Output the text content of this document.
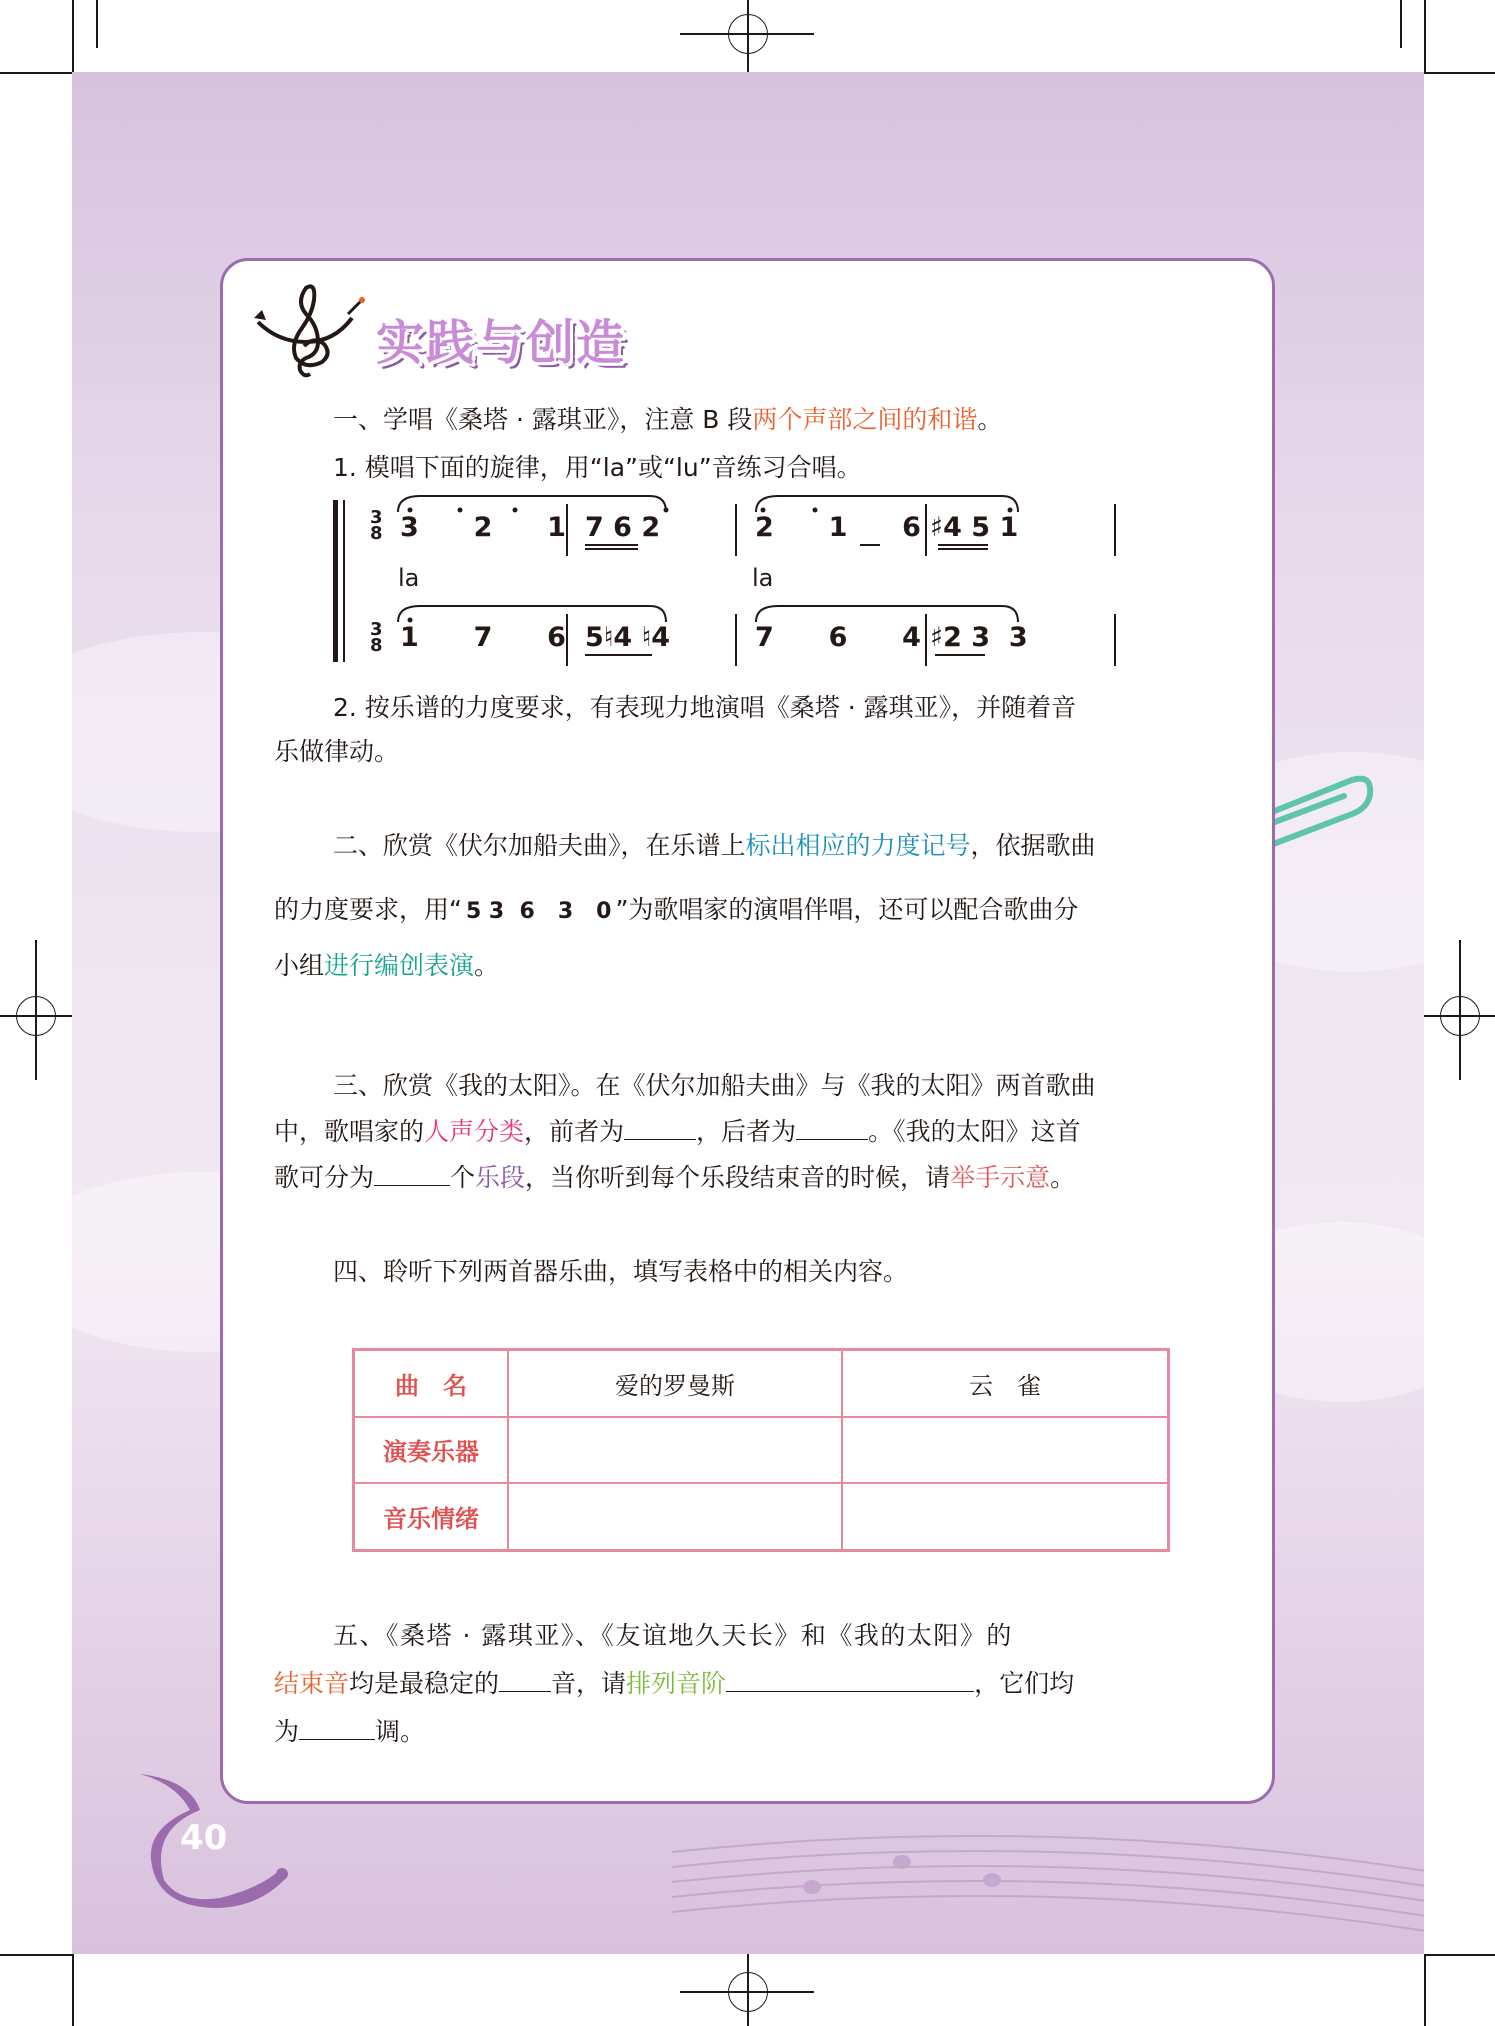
实践与创造
一、学唱《桑塔 · 露琪亚》，注意 B 段两个声部之间的和谐。
1. 模唱下面的旋律，用“la”或“lu”音练习合唱。
3
8
3
8
3  2  1 7 6 2	2  1  6 ♯4 5 1
la	la
1  7  6 5♮4 ♮4	7  6  4 ♯2 3  3
2. 按乐谱的力度要求，有表现力地演唱《桑塔 · 露琪亚》，并随着音
乐做律动。
二、欣赏《伏尔加船夫曲》，在乐谱上标出相应的力度记号，依据歌曲
的力度要求，用“ 5 3  6   3   0 ”为歌唱家的演唱伴唱，还可以配合歌曲分
小组进行编创表演。
三、欣赏《我的太阳》。在《伏尔加船夫曲》与《我的太阳》两首歌曲
中，歌唱家的人声分类，前者为	，后者为	。《我的太阳》这首
歌可分为	个乐段，当你听到每个乐段结束音的时候，请举手示意。
四、聆听下列两首器乐曲，填写表格中的相关内容。
曲　名	爱的罗曼斯	云　雀
演奏乐器		
音乐情绪		
五、《桑塔 · 露琪亚》、《友谊地久天长》和《我的太阳》的
结束音均是最稳定的 音，请排列音阶	，它们均
为	调。
40
